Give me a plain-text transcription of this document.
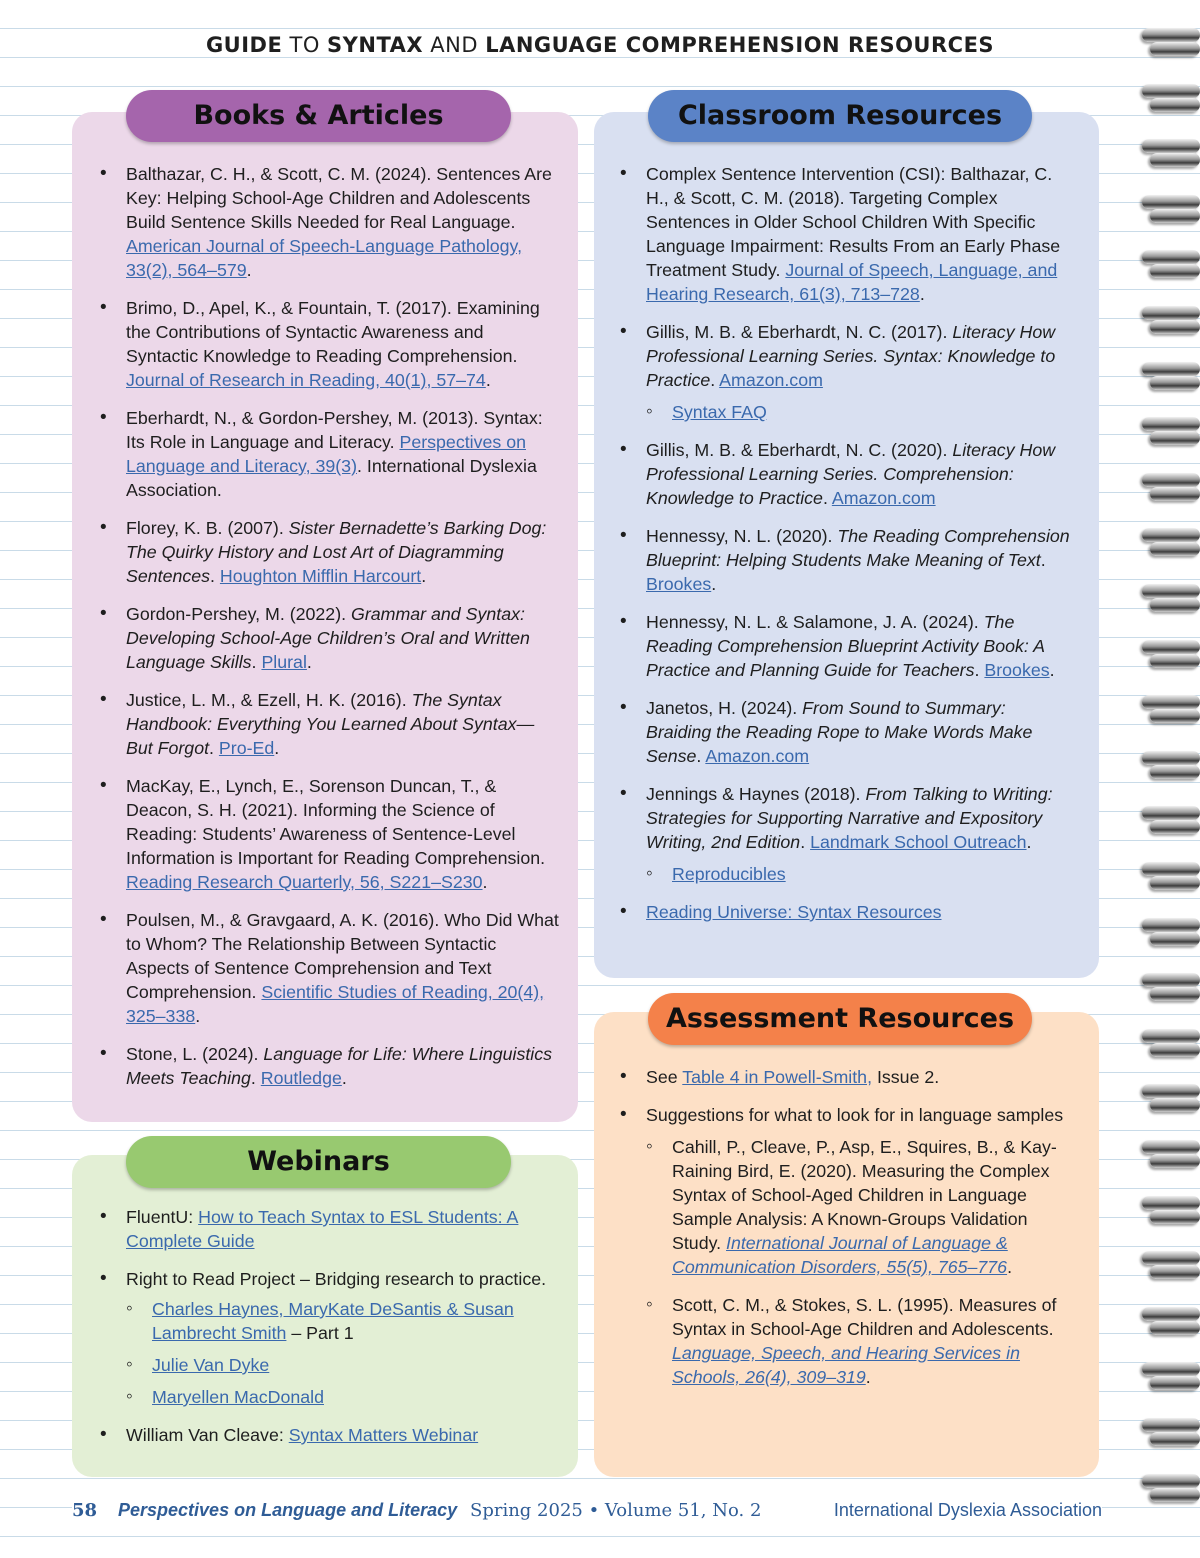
GUIDE TO SYNTAX AND LANGUAGE COMPREHENSION RESOURCES
Books & Articles	Classroom Resources
Assessment Resources
Webinars
• Balthazar, C. H., & Scott, C. M. (2024). Sentences Are Key: Helping School-Age Children and Adolescents Build Sentence Skills Needed for Real Language. American Journal of Speech-Language Pathology, 33(2), 564–579.
• Brimo, D., Apel, K., & Fountain, T. (2017). Examining the Contributions of Syntactic Awareness and Syntactic Knowledge to Reading Comprehension. Journal of Research in Reading, 40(1), 57–74.
• Eberhardt, N., & Gordon-Pershey, M. (2013). Syntax: Its Role in Language and Literacy. Perspectives on Language and Literacy, 39(3). International Dyslexia Association.
• Florey, K. B. (2007). Sister Bernadette’s Barking Dog: The Quirky History and Lost Art of Diagramming Sentences. Houghton Mifflin Harcourt.
• Gordon-Pershey, M. (2022). Grammar and Syntax: Developing School-Age Children’s Oral and Written Language Skills. Plural.
• Justice, L. M., & Ezell, H. K. (2016). The Syntax Handbook: Everything You Learned About Syntax—But Forgot. Pro-Ed.
• MacKay, E., Lynch, E., Sorenson Duncan, T., & Deacon, S. H. (2021). Informing the Science of Reading: Students’ Awareness of Sentence-Level Information is Important for Reading Comprehension. Reading Research Quarterly, 56, S221–S230.
• Poulsen, M., & Gravgaard, A. K. (2016). Who Did What to Whom? The Relationship Between Syntactic Aspects of Sentence Comprehension and Text Comprehension. Scientific Studies of Reading, 20(4), 325–338.
• Stone, L. (2024). Language for Life: Where Linguistics Meets Teaching. Routledge.
• Complex Sentence Intervention (CSI): Balthazar, C. H., & Scott, C. M. (2018). Targeting Complex Sentences in Older School Children With Specific Language Impairment: Results From an Early Phase Treatment Study. Journal of Speech, Language, and Hearing Research, 61(3), 713–728.
• Gillis, M. B. & Eberhardt, N. C. (2017). Literacy How Professional Learning Series. Syntax: Knowledge to Practice. Amazon.com
◦ Syntax FAQ
• Gillis, M. B. & Eberhardt, N. C. (2020). Literacy How Professional Learning Series. Comprehension: Knowledge to Practice. Amazon.com
• Hennessy, N. L. (2020). The Reading Comprehension Blueprint: Helping Students Make Meaning of Text. Brookes.
• Hennessy, N. L. & Salamone, J. A. (2024). The Reading Comprehension Blueprint Activity Book: A Practice and Planning Guide for Teachers. Brookes.
• Janetos, H. (2024). From Sound to Summary: Braiding the Reading Rope to Make Words Make Sense. Amazon.com
• Jennings & Haynes (2018). From Talking to Writing: Strategies for Supporting Narrative and Expository Writing, 2nd Edition. Landmark School Outreach.
◦ Reproducibles
• Reading Universe: Syntax Resources
• See Table 4 in Powell-Smith, Issue 2.
• Suggestions for what to look for in language samples
◦ Cahill, P., Cleave, P., Asp, E., Squires, B., & Kay-Raining Bird, E. (2020). Measuring the Complex Syntax of School-Aged Children in Language Sample Analysis: A Known-Groups Validation Study. International Journal of Language & Communication Disorders, 55(5), 765–776.
◦ Scott, C. M., & Stokes, S. L. (1995). Measures of Syntax in School-Age Children and Adolescents. Language, Speech, and Hearing Services in Schools, 26(4), 309–319.
• FluentU: How to Teach Syntax to ESL Students: A Complete Guide
• Right to Read Project – Bridging research to practice.
◦ Charles Haynes, MaryKate DeSantis & Susan Lambrecht Smith – Part 1
◦ Julie Van Dyke
◦ Maryellen MacDonald
• William Van Cleave: Syntax Matters Webinar
58 Perspectives on Language and Literacy Spring 2025 • Volume 51, No. 2	International Dyslexia Association
